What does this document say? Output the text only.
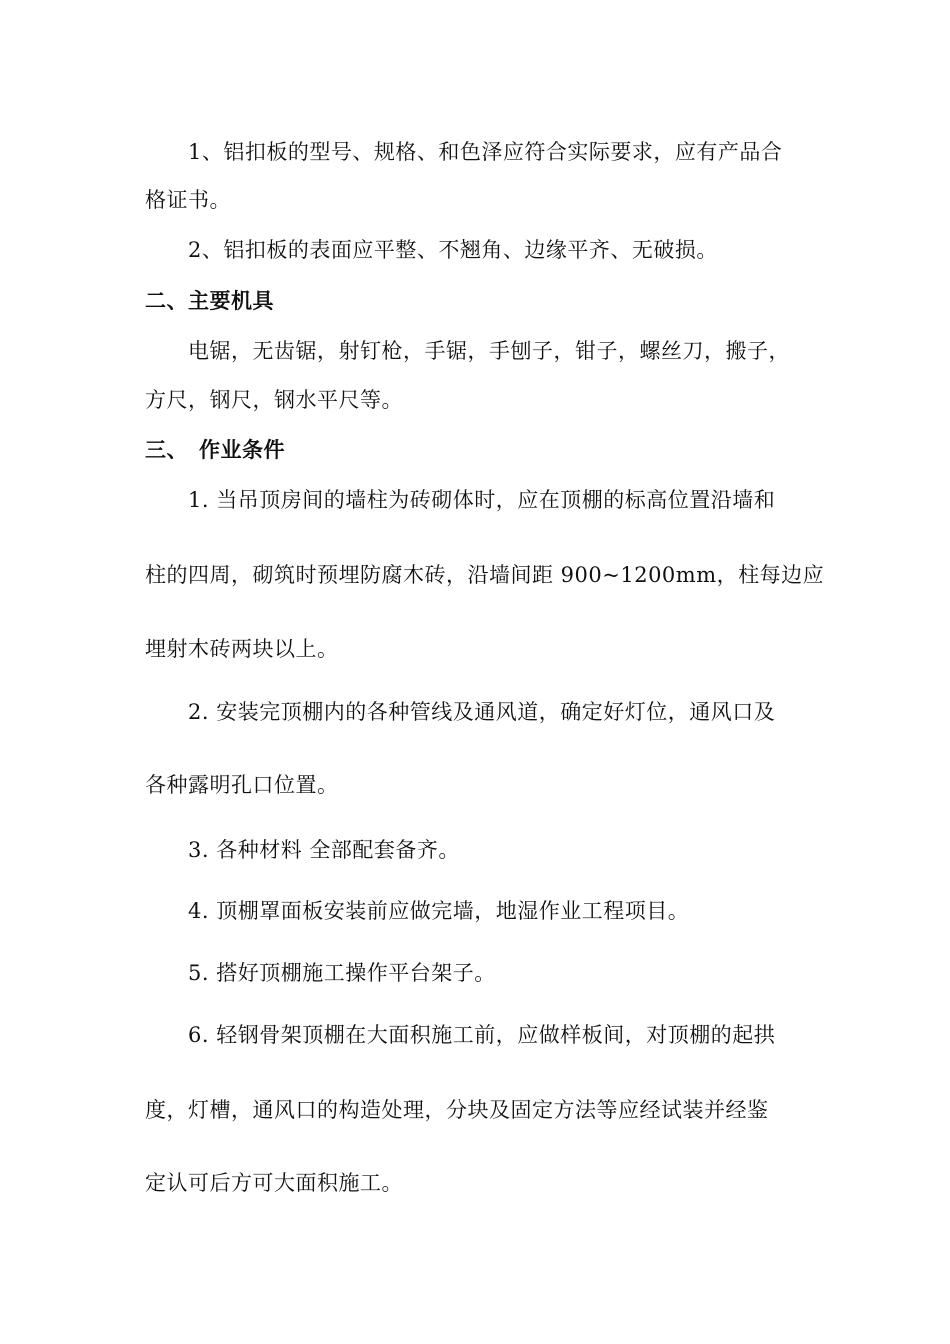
1、铝扣板的型号、规格、和色泽应符合实际要求，应有产品合
格证书。
2、铝扣板的表面应平整、不翘角、边缘平齐、无破损。
二、主要机具
电锯，无齿锯，射钉枪，手锯，手刨子，钳子，螺丝刀，搬子，
方尺，钢尺，钢水平尺等。
三、　作业条件
1. 当吊顶房间的墙柱为砖砌体时，应在顶棚的标高位置沿墙和
柱的四周，砌筑时预埋防腐木砖，沿墙间距 900~1200mm，柱每边应
埋射木砖两块以上。
2. 安装完顶棚内的各种管线及通风道，确定好灯位，通风口及
各种露明孔口位置。
3. 各种材料 全部配套备齐。
4. 顶棚罩面板安装前应做完墙，地湿作业工程项目。
5. 搭好顶棚施工操作平台架子。
6. 轻钢骨架顶棚在大面积施工前，应做样板间，对顶棚的起拱
度，灯槽，通风口的构造处理，分块及固定方法等应经试装并经鉴
定认可后方可大面积施工。
